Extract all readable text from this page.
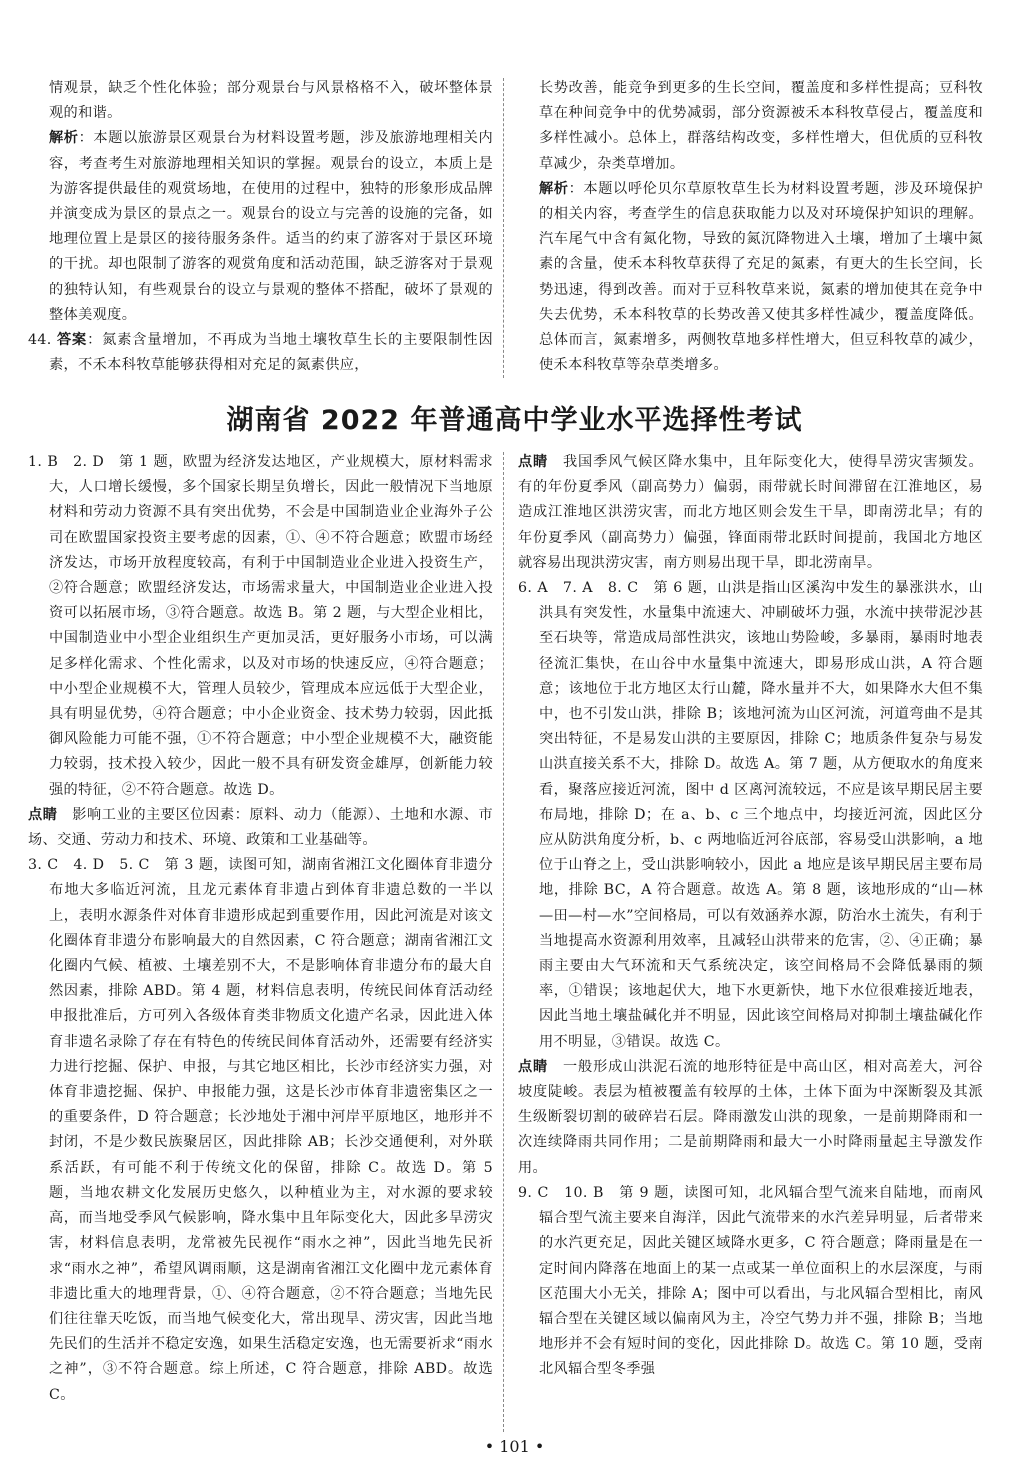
情观景，缺乏个性化体验；部分观景台与风景格格不入，破坏整体景观的和谐。

解析：本题以旅游景区观景台为材料设置考题，涉及旅游地理相关内容，考查考生对旅游地理相关知识的掌握。观景台的设立，本质上是为游客提供最佳的观赏场地，在使用的过程中，独特的形象形成品牌并演变成为景区的景点之一。观景台的设立与完善的设施的完备，如地理位置上是景区的接待服务条件。适当的约束了游客对于景区环境的干扰。却也限制了游客的观赏角度和活动范围，缺乏游客对于景观的独特认知，有些观景台的设立与景观的整体不搭配，破坏了景观的整体美观度。

44. 答案：氮素含量增加，不再成为当地土壤牧草生长的主要限制性因素，不禾本科牧草能够获得相对充足的氮素供应，

长势改善，能竞争到更多的生长空间，覆盖度和多样性提高；豆科牧草在种间竞争中的优势减弱，部分资源被禾本科牧草侵占，覆盖度和多样性减小。总体上，群落结构改变，多样性增大，但优质的豆科牧草减少，杂类草增加。

解析：本题以呼伦贝尔草原牧草生长为材料设置考题，涉及环境保护的相关内容，考查学生的信息获取能力以及对环境保护知识的理解。汽车尾气中含有氮化物，导致的氮沉降物进入土壤，增加了土壤中氮素的含量，使禾本科牧草获得了充足的氮素，有更大的生长空间，长势迅速，得到改善。而对于豆科牧草来说，氮素的增加使其在竞争中失去优势，禾本科牧草的长势改善又使其多样性减少，覆盖度降低。总体而言，氮素增多，两侧牧草地多样性增大，但豆科牧草的减少，使禾本科牧草等杂草类增多。

湖南省 2022 年普通高中学业水平选择性考试

1. B　2. D　第 1 题，欧盟为经济发达地区，产业规模大，原材料需求大，人口增长缓慢，多个国家长期呈负增长，因此一般情况下当地原材料和劳动力资源不具有突出优势，不会是中国制造业企业海外子公司在欧盟国家投资主要考虑的因素，①、④不符合题意；欧盟市场经济发达，市场开放程度较高，有利于中国制造业企业进入投资生产，②符合题意；欧盟经济发达，市场需求量大，中国制造业企业进入投资可以拓展市场，③符合题意。故选 B。第 2 题，与大型企业相比，中国制造业中小型企业组织生产更加灵活，更好服务小市场，可以满足多样化需求、个性化需求，以及对市场的快速反应，④符合题意；中小型企业规模不大，管理人员较少，管理成本应远低于大型企业，具有明显优势，④符合题意；中小企业资金、技术势力较弱，因此抵御风险能力可能不强，①不符合题意；中小型企业规模不大，融资能力较弱，技术投入较少，因此一般不具有研发资金雄厚，创新能力较强的特征，②不符合题意。故选 D。

点睛　影响工业的主要区位因素：原料、动力（能源）、土地和水源、市场、交通、劳动力和技术、环境、政策和工业基础等。

3. C　4. D　5. C　第 3 题，读图可知，湖南省湘江文化圈体育非遗分布地大多临近河流，且龙元素体育非遗占到体育非遗总数的一半以上，表明水源条件对体育非遗形成起到重要作用，因此河流是对该文化圈体育非遗分布影响最大的自然因素，C 符合题意；湖南省湘江文化圈内气候、植被、土壤差别不大，不是影响体育非遗分布的最大自然因素，排除 ABD。第 4 题，材料信息表明，传统民间体育活动经申报批准后，方可列入各级体育类非物质文化遗产名录，因此进入体育非遗名录除了存在有特色的传统民间体育活动外，还需要有经济实力进行挖掘、保护、申报，与其它地区相比，长沙市经济实力强，对体育非遗挖掘、保护、申报能力强，这是长沙市体育非遗密集区之一的重要条件，D 符合题意；长沙地处于湘中河岸平原地区，地形并不封闭，不是少数民族聚居区，因此排除 AB；长沙交通便利，对外联系活跃，有可能不利于传统文化的保留，排除 C。故选 D。第 5 题，当地农耕文化发展历史悠久，以种植业为主，对水源的要求较高，而当地受季风气候影响，降水集中且年际变化大，因此多旱涝灾害，材料信息表明，龙常被先民视作“雨水之神”，因此当地先民祈求“雨水之神”，希望风调雨顺，这是湖南省湘江文化圈中龙元素体育非遗比重大的地理背景，①、④符合题意，②不符合题意；当地先民们往往靠天吃饭，而当地气候变化大，常出现旱、涝灾害，因此当地先民们的生活并不稳定安逸，如果生活稳定安逸，也无需要祈求“雨水之神”，③不符合题意。综上所述，C 符合题意，排除 ABD。故选 C。

点睛　我国季风气候区降水集中，且年际变化大，使得旱涝灾害频发。有的年份夏季风（副高势力）偏弱，雨带就长时间滞留在江淮地区，易造成江淮地区洪涝灾害，而北方地区则会发生干旱，即南涝北旱；有的年份夏季风（副高势力）偏强，锋面雨带北跃时间提前，我国北方地区就容易出现洪涝灾害，南方则易出现干旱，即北涝南旱。

6. A　7. A　8. C　第 6 题，山洪是指山区溪沟中发生的暴涨洪水，山洪具有突发性，水量集中流速大、冲刷破坏力强，水流中挟带泥沙甚至石块等，常造成局部性洪灾，该地山势险峻，多暴雨，暴雨时地表径流汇集快，在山谷中水量集中流速大，即易形成山洪，A 符合题意；该地位于北方地区太行山麓，降水量并不大，如果降水大但不集中，也不引发山洪，排除 B；该地河流为山区河流，河道弯曲不是其突出特征，不是易发山洪的主要原因，排除 C；地质条件复杂与易发山洪直接关系不大，排除 D。故选 A。第 7 题，从方便取水的角度来看，聚落应接近河流，图中 d 区离河流较远，不应是该早期民居主要布局地，排除 D；在 a、b、c 三个地点中，均接近河流，因此区分应从防洪角度分析，b、c 两地临近河谷底部，容易受山洪影响，a 地位于山脊之上，受山洪影响较小，因此 a 地应是该早期民居主要布局地，排除 BC，A 符合题意。故选 A。第 8 题，该地形成的“山—林—田—村—水”空间格局，可以有效涵养水源，防治水土流失，有利于当地提高水资源利用效率，且减轻山洪带来的危害，②、④正确；暴雨主要由大气环流和天气系统决定，该空间格局不会降低暴雨的频率，①错误；该地起伏大，地下水更新快，地下水位很难接近地表，因此当地土壤盐碱化并不明显，因此该空间格局对抑制土壤盐碱化作用不明显，③错误。故选 C。

点睛　一般形成山洪泥石流的地形特征是中高山区，相对高差大，河谷坡度陡峻。表层为植被覆盖有较厚的土体，土体下面为中深断裂及其派生级断裂切割的破碎岩石层。降雨激发山洪的现象，一是前期降雨和一次连续降雨共同作用；二是前期降雨和最大一小时降雨量起主导激发作用。

9. C　10. B　第 9 题，读图可知，北风辐合型气流来自陆地，而南风辐合型气流主要来自海洋，因此气流带来的水汽差异明显，后者带来的水汽更充足，因此关键区域降水更多，C 符合题意；降雨量是在一定时间内降落在地面上的某一点或某一单位面积上的水层深度，与雨区范围大小无关，排除 A；图中可以看出，与北风辐合型相比，南风辐合型在关键区域以偏南风为主，冷空气势力并不强，排除 B；当地地形并不会有短时间的变化，因此排除 D。故选 C。第 10 题，受南北风辐合型冬季强

• 101 •
